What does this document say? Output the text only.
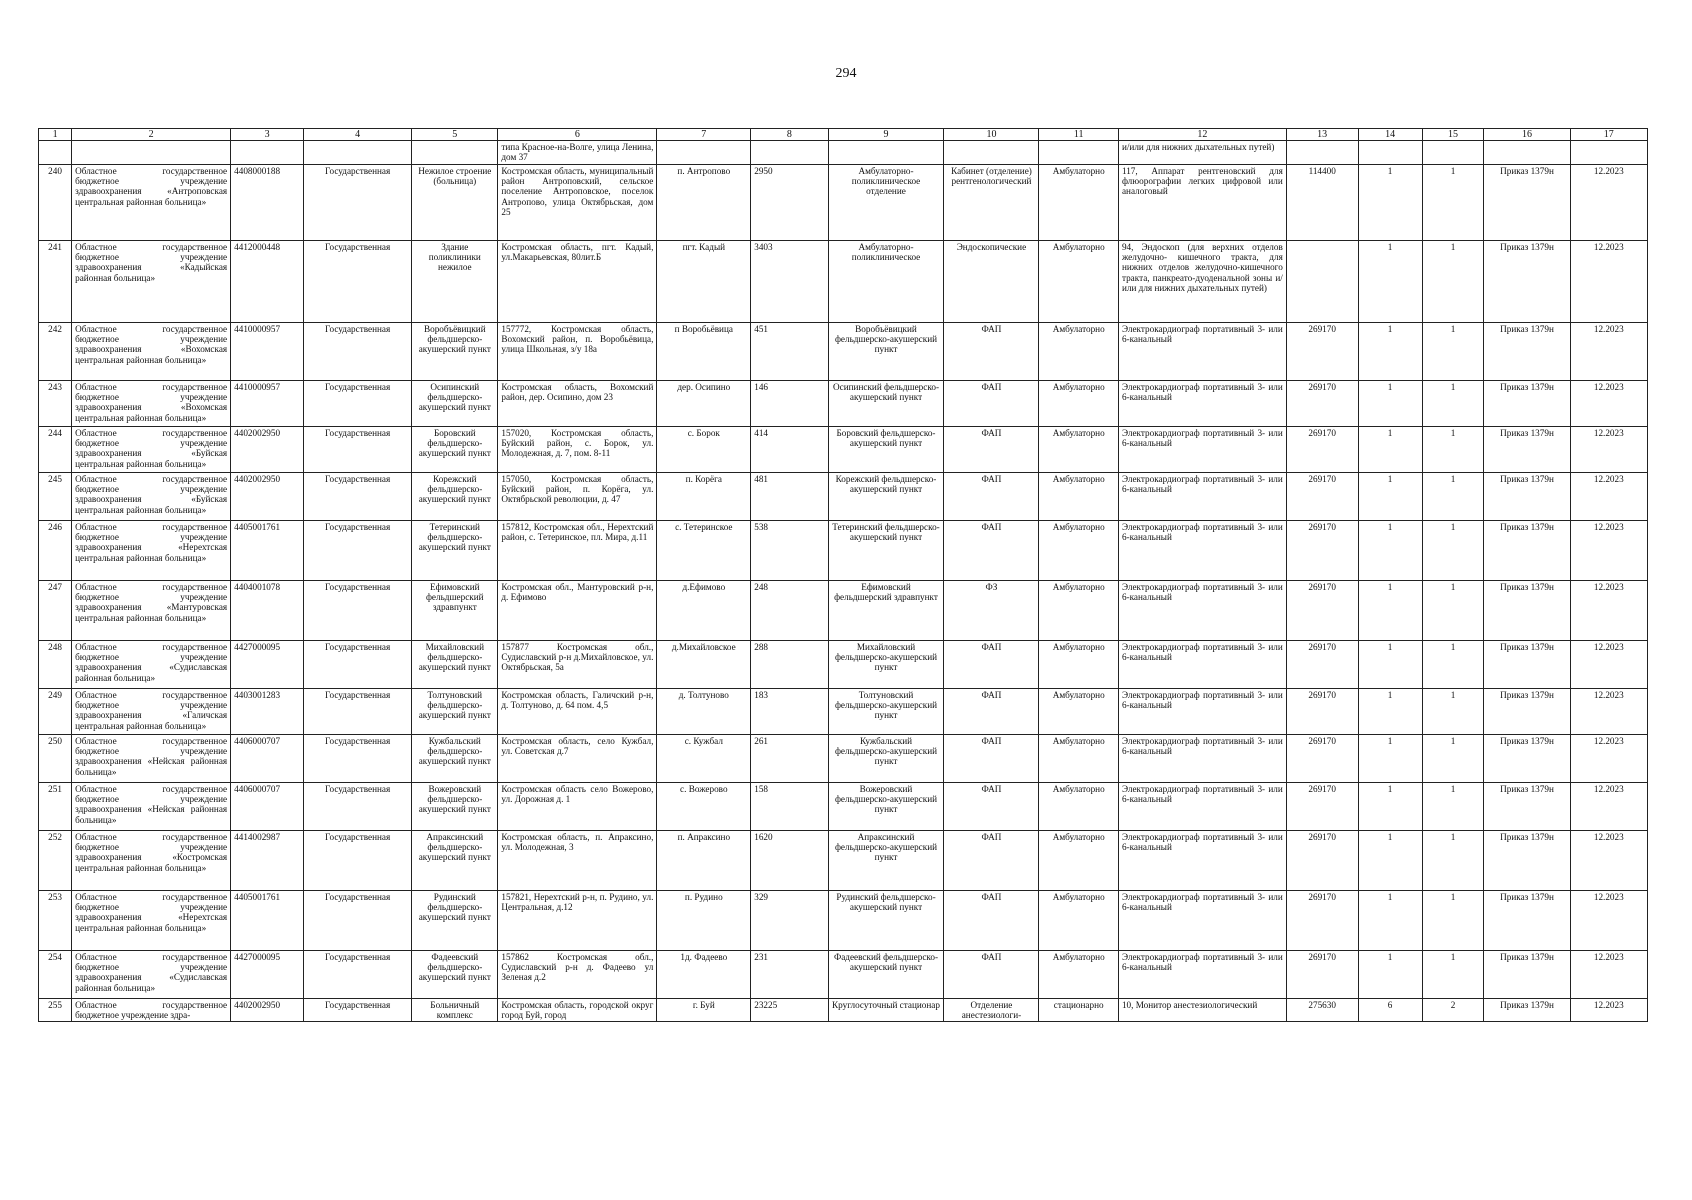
294
1	2	3	4	5	6	7	8	9	10	11	12	13	14	15	16	17
					типа Красное-на-Волге, улица Ленина, дом 37						и/или для нижних дыхательных путей)					
240	Областное государственное бюджетное учреждение здравоохранения «Антроповская центральная районная больница»	4408000188	Государственная	Нежилое строение (больница)	Костромская область, муниципальный район Антроповский, сельское поселение Антроповское, поселок Антропово, улица Октябрьская, дом 25	п. Антропово	2950	Амбулаторно-поликлиническое отделение	Кабинет (отделение) рентгенологический	Амбулаторно	117, Аппарат рентгеновский для флюорографии легких цифровой или аналоговый	114400	1	1	Приказ 1379н	12.2023
241	Областное государственное бюджетное учреждение здравоохранения «Кадыйская районная больница»	4412000448	Государственная	Здание поликлиники нежилое	Костромская область, пгт. Кадый, ул.Макарьевская, 80лит.Б	пгт. Кадый	3403	Амбулаторно-поликлиническое	Эндоскопические	Амбулаторно	94, Эндоскоп (для верхних отделов желудочно- кишечного тракта, для нижних отделов желудочно-кишечного тракта, панкреато-дуоденальной зоны и/или для нижних дыхательных путей)		1	1	Приказ 1379н	12.2023
242	Областное государственное бюджетное учреждение здравоохранения «Вохомская центральная районная больница»	4410000957	Государственная	Воробъёвицкий фельдшерско-акушерский пункт	157772, Костромская область, Вохомский район, п. Воробьёвица, улица Школьная, з/у 18а	п Воробьёвица	451	Воробъёвицкий фельдшерско-акушерский пункт	ФАП	Амбулаторно	Электрокардиограф портативный 3- или 6-канальный	269170	1	1	Приказ 1379н	12.2023
243	Областное государственное бюджетное учреждение здравоохранения «Вохомская центральная районная больница»	4410000957	Государственная	Осипинский фельдшерско-акушерский пункт	Костромская область, Вохомский район, дер. Осипино, дом 23	дер. Осипино	146	Осипинский фельдшерско-акушерский пункт	ФАП	Амбулаторно	Электрокардиограф портативный 3- или 6-канальный	269170	1	1	Приказ 1379н	12.2023
244	Областное государственное бюджетное учреждение здравоохранения «Буйская центральная районная больница»	4402002950	Государственная	Боровский фельдшерско-акушерский пункт	157020, Костромская область, Буйский район, с. Борок, ул. Молодежная, д. 7, пом. 8-11	с. Борок	414	Боровский фельдшерско-акушерский пункт	ФАП	Амбулаторно	Электрокардиограф портативный 3- или 6-канальный	269170	1	1	Приказ 1379н	12.2023
245	Областное государственное бюджетное учреждение здравоохранения «Буйская центральная районная больница»	4402002950	Государственная	Корежский фельдшерско-акушерский пункт	157050, Костромская область, Буйский район, п. Корёга, ул. Октябрьской революции, д. 47	п. Корёга	481	Корежский фельдшерско-акушерский пункт	ФАП	Амбулаторно	Электрокардиограф портативный 3- или 6-канальный	269170	1	1	Приказ 1379н	12.2023
246	Областное государственное бюджетное учреждение здравоохранения «Нерехтская центральная районная больница»	4405001761	Государственная	Тетеринский фельдшерско-акушерский пункт	157812, Костромская обл., Нерехтский район, с. Тетеринское, пл. Мира, д.11	с. Тетеринское	538	Тетеринский фельдшерско-акушерский пункт	ФАП	Амбулаторно	Электрокардиограф портативный 3- или 6-канальный	269170	1	1	Приказ 1379н	12.2023
247	Областное государственное бюджетное учреждение здравоохранения «Мантуровская центральная районная больница»	4404001078	Государственная	Ефимовский фельдшерский здравпункт	Костромская обл., Мантуровский р-н, д. Ефимово	д.Ефимово	248	Ефимовский фельдшерский здравпункт	ФЗ	Амбулаторно	Электрокардиограф портативный 3- или 6-канальный	269170	1	1	Приказ 1379н	12.2023
248	Областное государственное бюджетное учреждение здравоохранения «Судиславская районная больница»	4427000095	Государственная	Михайловский фельдшерско-акушерский пункт	157877 Костромская обл., Судиславский р-н д.Михайловское, ул. Октябрьская, 5а	д.Михайловское	288	Михайловский фельдшерско-акушерский пункт	ФАП	Амбулаторно	Электрокардиограф портативный 3- или 6-канальный	269170	1	1	Приказ 1379н	12.2023
249	Областное государственное бюджетное учреждение здравоохранения «Галичская центральная районная больница»	4403001283	Государственная	Толтуновский фельдшерско-акушерский пункт	Костромская область, Галичский р-н, д. Толтуново, д. 64 пом. 4,5	д. Толтуново	183	Толтуновский фельдшерско-акушерский пункт	ФАП	Амбулаторно	Электрокардиограф портативный 3- или 6-канальный	269170	1	1	Приказ 1379н	12.2023
250	Областное государственное бюджетное учреждение здравоохранения «Нейская районная больница»	4406000707	Государственная	Кужбальский фельдшерско-акушерский пункт	Костромская область, село Кужбал, ул. Советская д.7	с. Кужбал	261	Кужбальский фельдшерско-акушерский пункт	ФАП	Амбулаторно	Электрокардиограф портативный 3- или 6-канальный	269170	1	1	Приказ 1379н	12.2023
251	Областное государственное бюджетное учреждение здравоохранения «Нейская районная больница»	4406000707	Государственная	Вожеровский фельдшерско-акушерский пункт	Костромская область село Вожерово, ул. Дорожная д. 1	с. Вожерово	158	Вожеровский фельдшерско-акушерский пункт	ФАП	Амбулаторно	Электрокардиограф портативный 3- или 6-канальный	269170	1	1	Приказ 1379н	12.2023
252	Областное государственное бюджетное учреждение здравоохранения «Костромская центральная районная больница»	4414002987	Государственная	Апраксинский фельдшерско-акушерский пункт	Костромская область, п. Апраксино, ул. Молодежная, 3	п. Апраксино	1620	Апраксинский фельдшерско-акушерский пункт	ФАП	Амбулаторно	Электрокардиограф портативный 3- или 6-канальный	269170	1	1	Приказ 1379н	12.2023
253	Областное государственное бюджетное учреждение здравоохранения «Нерехтская центральная районная больница»	4405001761	Государственная	Рудинский фельдшерско-акушерский пункт	157821, Нерехтский р-н, п. Рудино, ул. Центральная, д.12	п. Рудино	329	Рудинский фельдшерско-акушерский пункт	ФАП	Амбулаторно	Электрокардиограф портативный 3- или 6-канальный	269170	1	1	Приказ 1379н	12.2023
254	Областное государственное бюджетное учреждение здравоохранения «Судиславская районная больница»	4427000095	Государственная	Фадеевский фельдшерско-акушерский пункт	157862 Костромская обл., Судиславский р-н д. Фадеево ул Зеленая д.2	1д. Фадеево	231	Фадеевский фельдшерско-акушерский пункт	ФАП	Амбулаторно	Электрокардиограф портативный 3- или 6-канальный	269170	1	1	Приказ 1379н	12.2023
255	Областное государственное бюджетное учреждение здра-	4402002950	Государственная	Больничный комплекс	Костромская область, городской округ город Буй, город	г. Буй	23225	Круглосуточный стационар	Отделение анестезиологи-	стационарно	10, Монитор анестезиологический	275630	6	2	Приказ 1379н	12.2023
